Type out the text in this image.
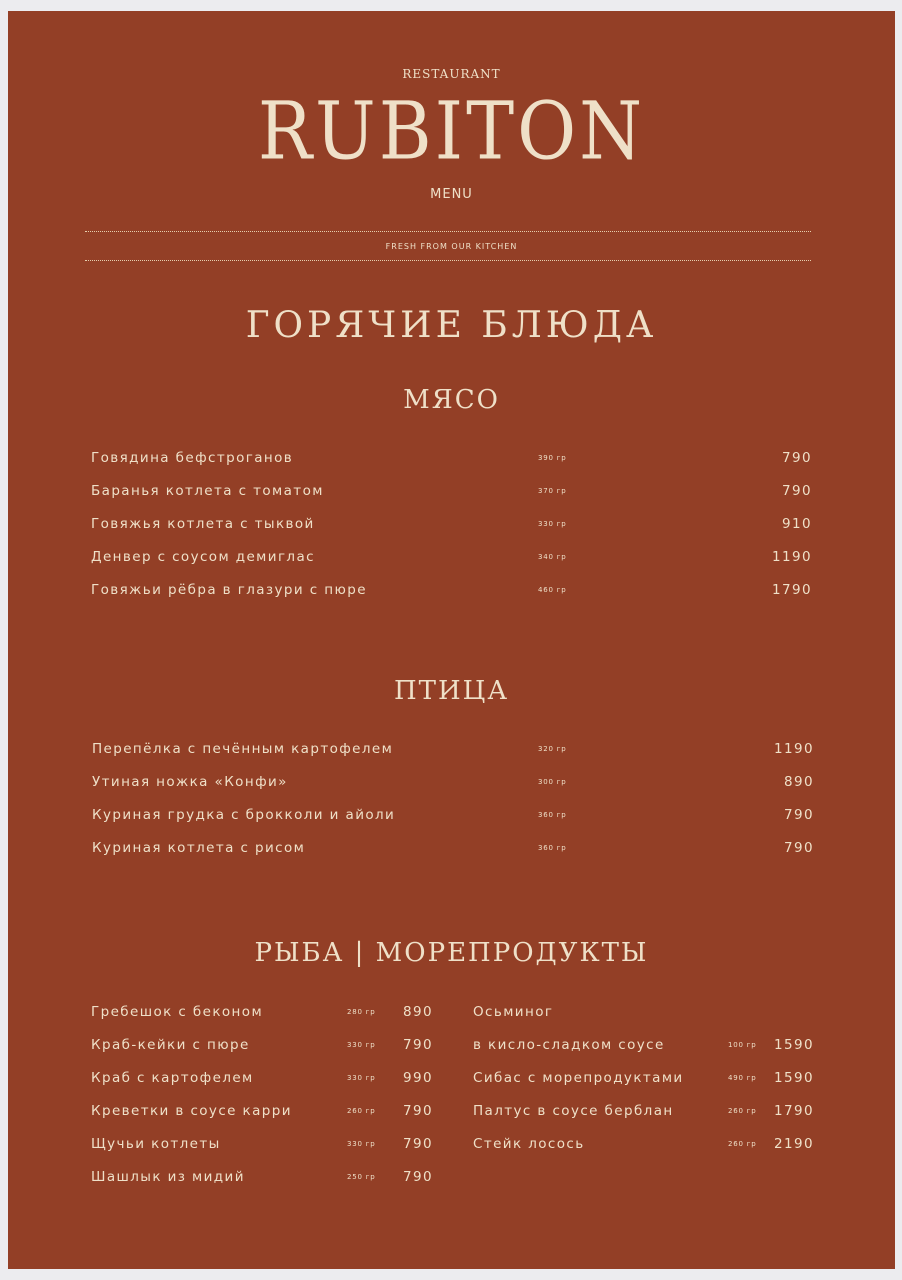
RESTAURANT
RUBITON
MENU
FRESH FROM OUR KITCHEN
ГОРЯЧИЕ БЛЮДА
МЯСО
Говядина бефстроганов	390 гр	790
Баранья котлета с томатом	370 гр	790
Говяжья котлета с тыквой	330 гр	910
Денвер с соусом демиглас	340 гр	1190
Говяжьи рёбра в глазури с пюре	460 гр	1790
ПТИЦА
Перепёлка с печённым картофелем	320 гр	1190
Утиная ножка «Конфи»	300 гр	890
Куриная грудка с брокколи и айоли	360 гр	790
Куриная котлета с рисом	360 гр	790
РЫБА | МОРЕПРОДУКТЫ
Гребешок с беконом	280 гр 890
Краб-кейки с пюре	330 гр 790
Краб с картофелем	330 гр 990
Креветки в соусе карри	260 гр 790
Щучьи котлеты	330 гр 790
Шашлык из мидий	250 гр 790
Осьминог
в кисло-сладком соусе	100 гр 1590
Сибас с морепродуктами	490 гр 1590
Палтус в соусе берблан	260 гр 1790
Стейк лосось	260 гр 2190
